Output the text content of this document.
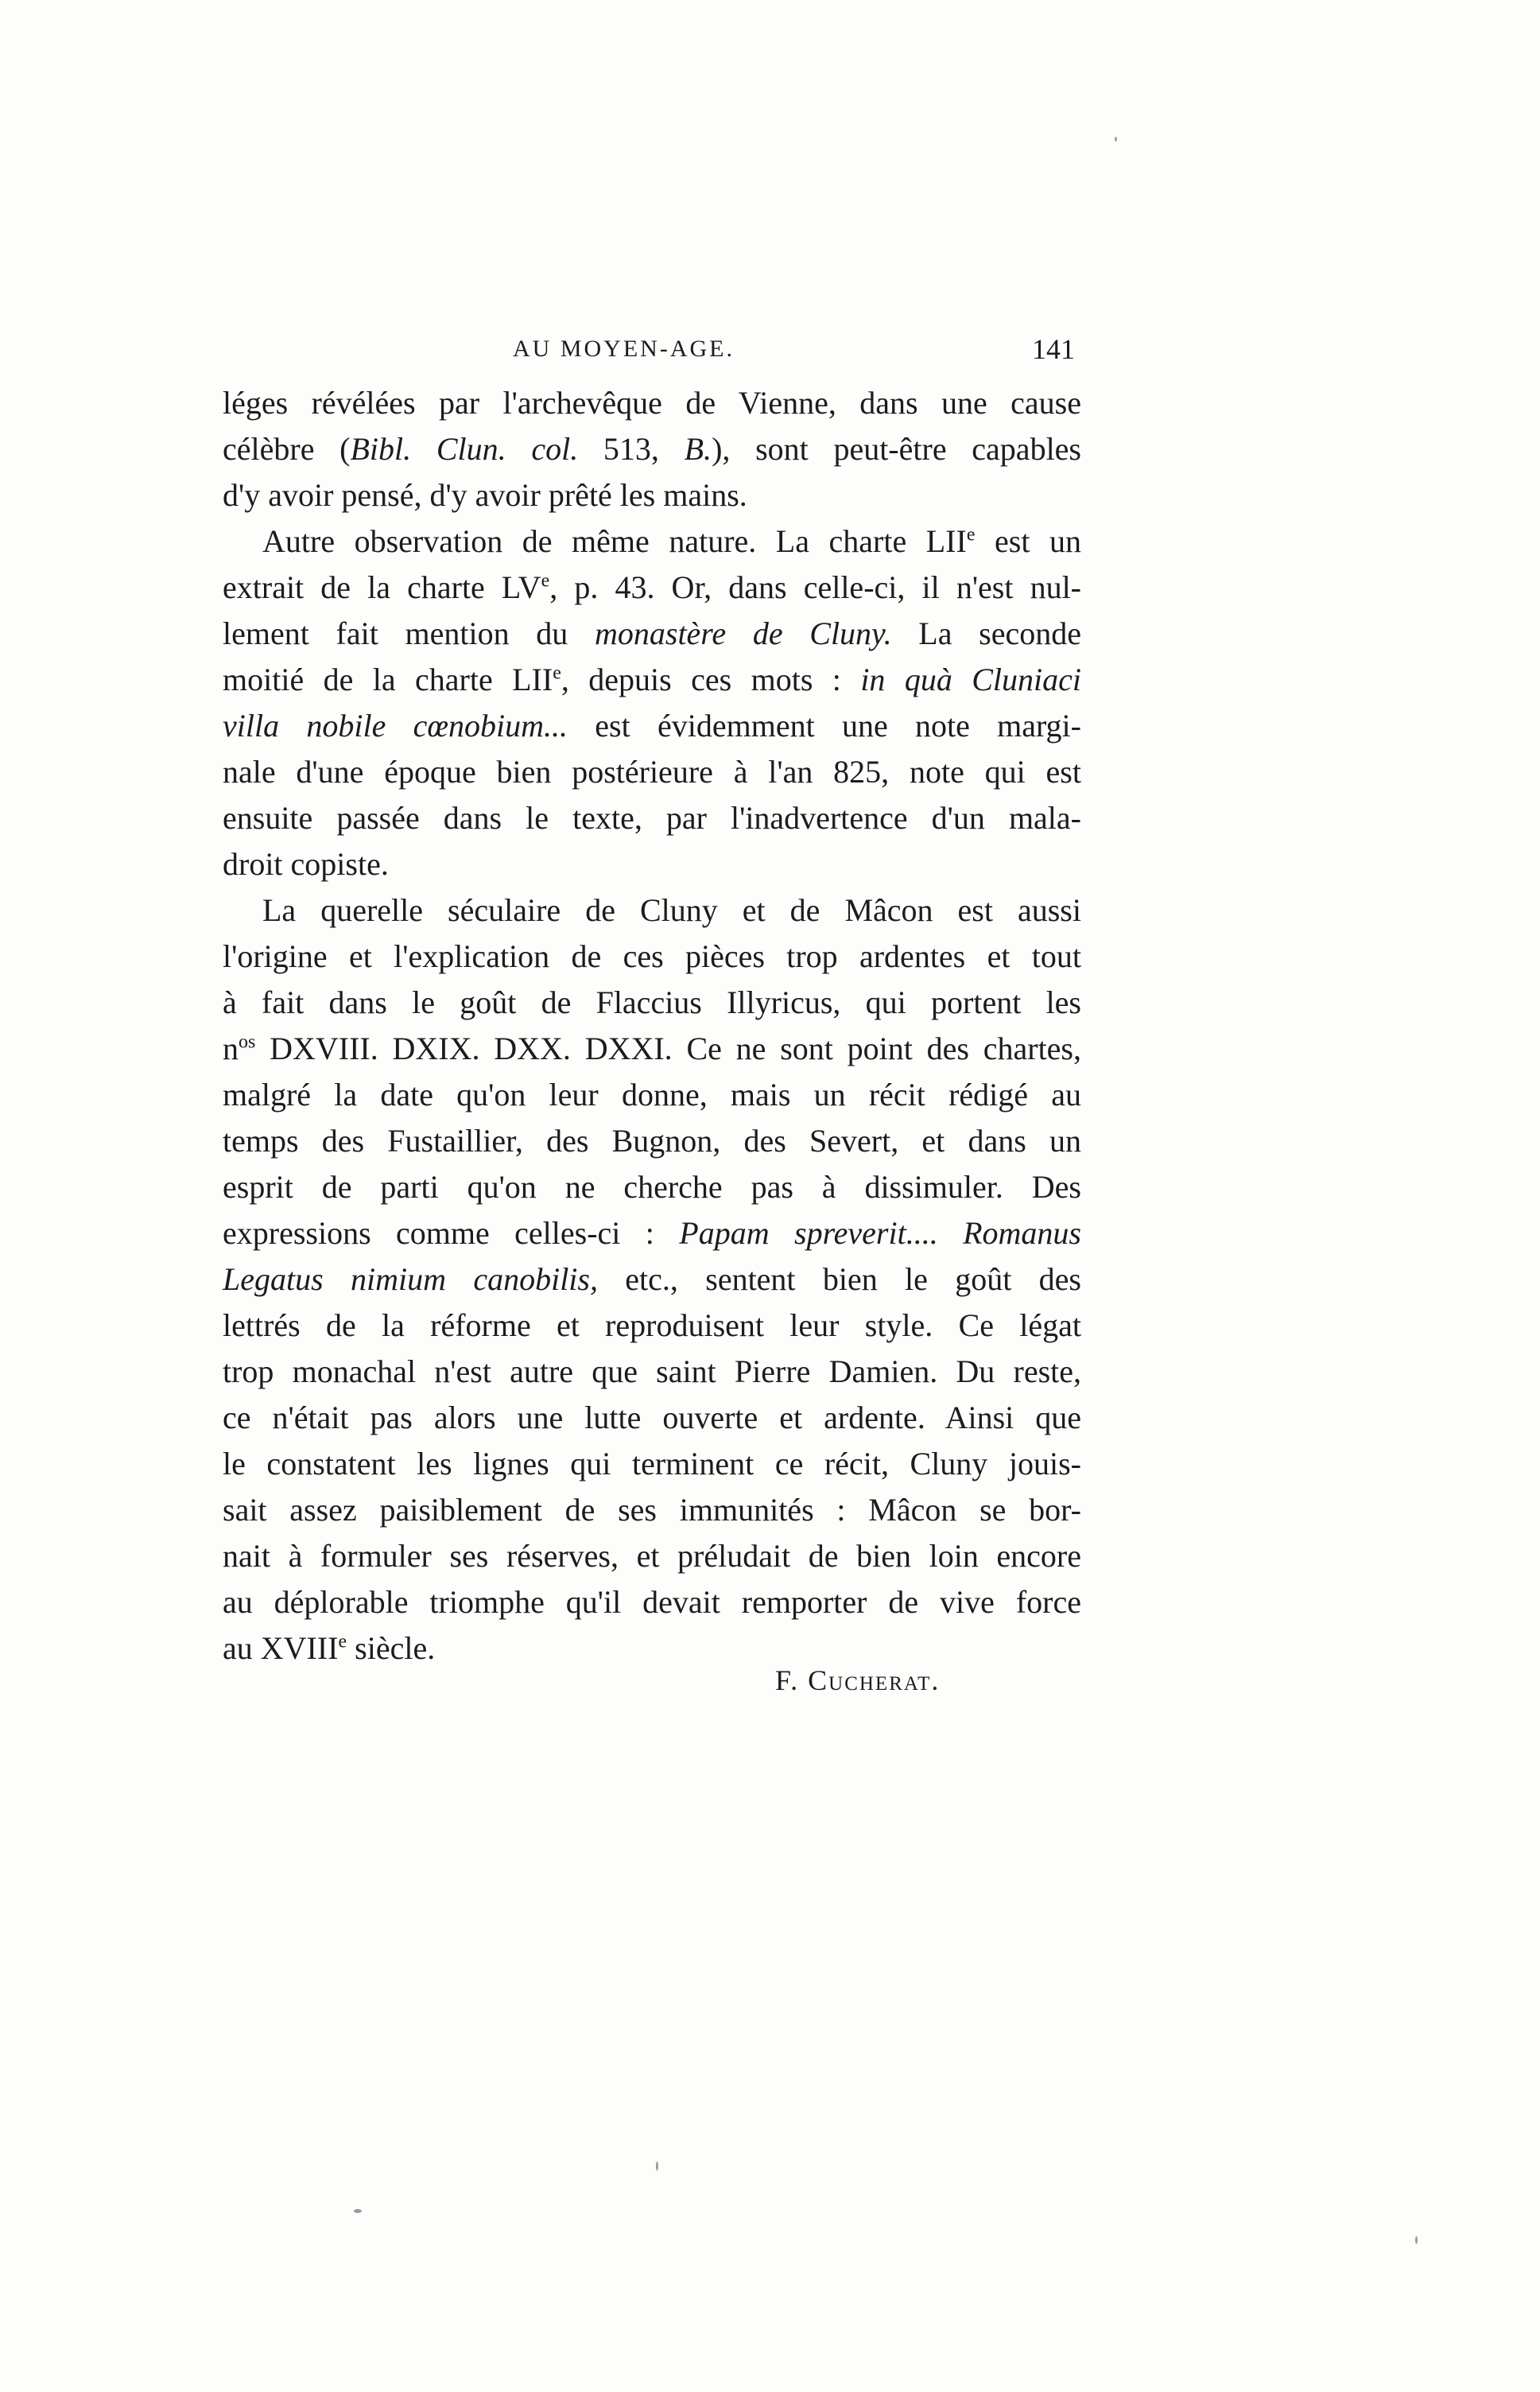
AU MOYEN-AGE.	141
léges révélées par l'archevêque de Vienne, dans une cause
célèbre (Bibl. Clun. col. 513, B.), sont peut-être capables
d'y avoir pensé, d'y avoir prêté les mains.
Autre observation de même nature. La charte LIIe est un
extrait de la charte LVe, p. 43. Or, dans celle-ci, il n'est nul-
lement fait mention du monastère de Cluny. La seconde
moitié de la charte LIIe, depuis ces mots : in quà Cluniaci
villa nobile cœnobium... est évidemment une note margi-
nale d'une époque bien postérieure à l'an 825, note qui est
ensuite passée dans le texte, par l'inadvertence d'un mala-
droit copiste.
La querelle séculaire de Cluny et de Mâcon est aussi
l'origine et l'explication de ces pièces trop ardentes et tout
à fait dans le goût de Flaccius Illyricus, qui portent les
$n^{os}$ DXVIII. DXIX. DXX. DXXI. Ce ne sont point des chartes,
malgré la date qu'on leur donne, mais un récit rédigé au
temps des Fustaillier, des Bugnon, des Severt, et dans un
esprit de parti qu'on ne cherche pas à dissimuler. Des
expressions comme celles-ci : Papam spreverit.... Romanus
Legatus nimium canobilis, etc., sentent bien le goût des
lettrés de la réforme et reproduisent leur style. Ce légat
trop monachal n'est autre que saint Pierre Damien. Du reste,
ce n'était pas alors une lutte ouverte et ardente. Ainsi que
le constatent les lignes qui terminent ce récit, Cluny jouis-
sait assez paisiblement de ses immunités : Mâcon se bor-
nait à formuler ses réserves, et préludait de bien loin encore
au déplorable triomphe qu'il devait remporter de vive force
au XVIIIe siècle.
F. Cucherat.
